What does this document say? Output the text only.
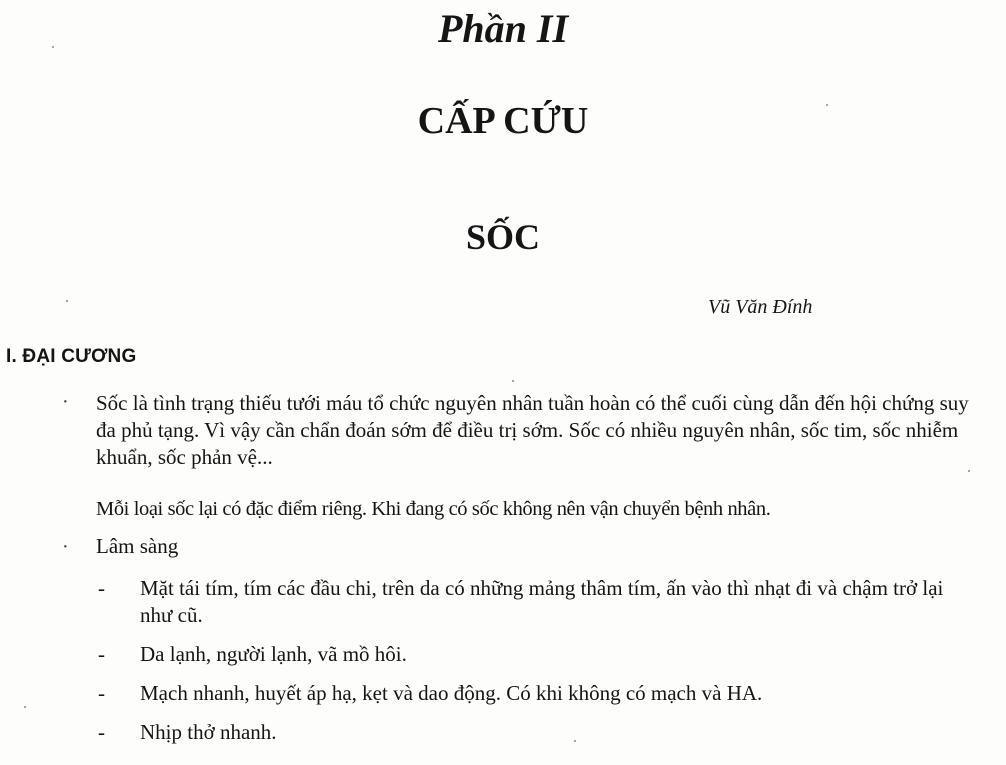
Phần II
CẤP CỨU
SỐC
Vũ Văn Đính
I. ĐẠI CƯƠNG
· Sốc là tình trạng thiếu tưới máu tổ chức nguyên nhân tuần hoàn có thể cuối cùng dẫn đến hội chứng suy đa phủ tạng. Vì vậy cần chẩn đoán sớm để điều trị sớm. Sốc có nhiều nguyên nhân, sốc tim, sốc nhiễm khuẩn, sốc phản vệ...

Mỗi loại sốc lại có đặc điểm riêng. Khi đang có sốc không nên vận chuyển bệnh nhân.

· Lâm sàng

- Mặt tái tím, tím các đầu chi, trên da có những mảng thâm tím, ấn vào thì nhạt đi và chậm trở lại như cũ.
- Da lạnh, người lạnh, vã mồ hôi.
- Mạch nhanh, huyết áp hạ, kẹt và dao động. Có khi không có mạch và HA.
- Nhịp thở nhanh.
